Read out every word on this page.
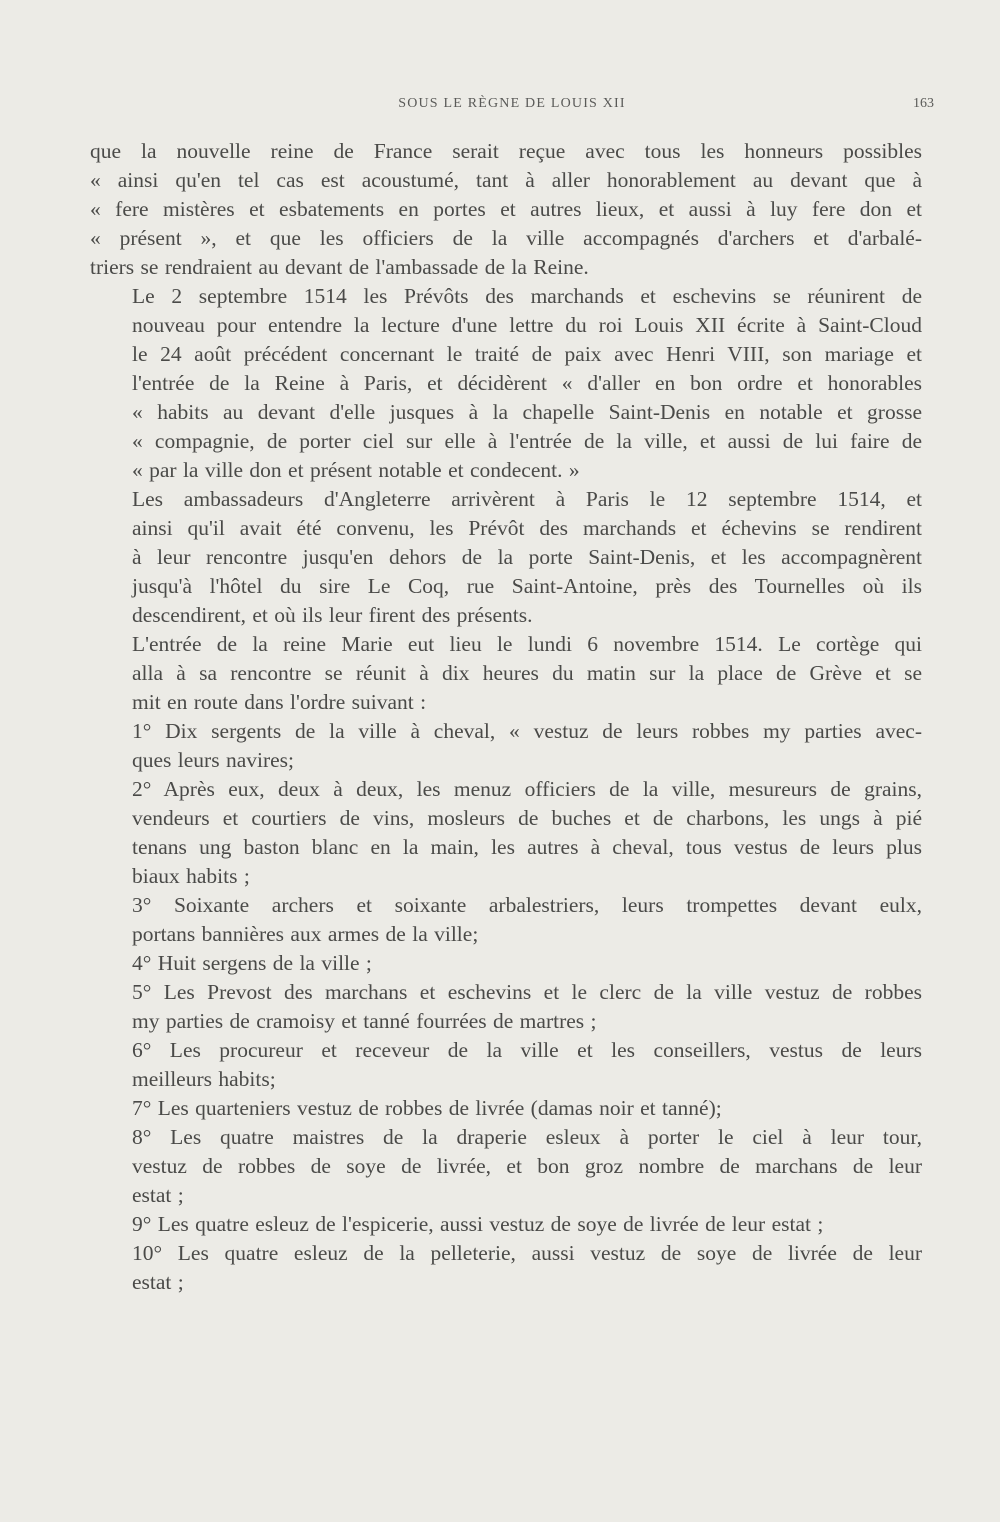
SOUS LE RÈGNE DE LOUIS XII	163

que la nouvelle reine de France serait reçue avec tous les honneurs possibles
« ainsi qu'en tel cas est acoustumé, tant à aller honorablement au devant que à
« fere mistères et esbatements en portes et autres lieux, et aussi à luy fere don et
« présent », et que les officiers de la ville accompagnés d'archers et d'arbalé-
triers se rendraient au devant de l'ambassade de la Reine.

Le 2 septembre 1514 les Prévôts des marchands et eschevins se réunirent de
nouveau pour entendre la lecture d'une lettre du roi Louis XII écrite à Saint-Cloud
le 24 août précédent concernant le traité de paix avec Henri VIII, son mariage et
l'entrée de la Reine à Paris, et décidèrent « d'aller en bon ordre et honorables
« habits au devant d'elle jusques à la chapelle Saint-Denis en notable et grosse
« compagnie, de porter ciel sur elle à l'entrée de la ville, et aussi de lui faire de
« par la ville don et présent notable et condecent. »

Les ambassadeurs d'Angleterre arrivèrent à Paris le 12 septembre 1514, et
ainsi qu'il avait été convenu, les Prévôt des marchands et échevins se rendirent
à leur rencontre jusqu'en dehors de la porte Saint-Denis, et les accompagnèrent
jusqu'à l'hôtel du sire Le Coq, rue Saint-Antoine, près des Tournelles où ils
descendirent, et où ils leur firent des présents.

L'entrée de la reine Marie eut lieu le lundi 6 novembre 1514. Le cortège qui
alla à sa rencontre se réunit à dix heures du matin sur la place de Grève et se
mit en route dans l'ordre suivant :

1° Dix sergents de la ville à cheval, « vestuz de leurs robbes my parties avec-
ques leurs navires;

2° Après eux, deux à deux, les menuz officiers de la ville, mesureurs de grains,
vendeurs et courtiers de vins, mosleurs de buches et de charbons, les ungs à pié
tenans ung baston blanc en la main, les autres à cheval, tous vestus de leurs plus
biaux habits ;

3° Soixante archers et soixante arbalestriers, leurs trompettes devant eulx,
portans bannières aux armes de la ville;

4° Huit sergens de la ville ;

5° Les Prevost des marchans et eschevins et le clerc de la ville vestuz de robbes
my parties de cramoisy et tanné fourrées de martres ;

6° Les procureur et receveur de la ville et les conseillers, vestus de leurs
meilleurs habits;

7° Les quarteniers vestuz de robbes de livrée (damas noir et tanné);

8° Les quatre maistres de la draperie esleux à porter le ciel à leur tour,
vestuz de robbes de soye de livrée, et bon groz nombre de marchans de leur
estat ;

9° Les quatre esleuz de l'espicerie, aussi vestuz de soye de livrée de leur estat ;

10° Les quatre esleuz de la pelleterie, aussi vestuz de soye de livrée de leur
estat ;
